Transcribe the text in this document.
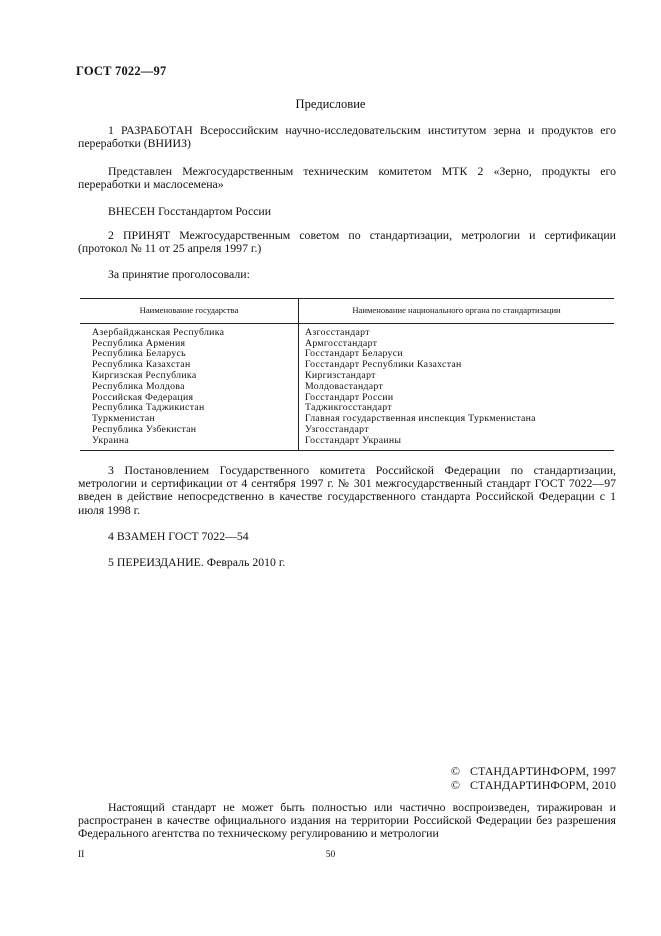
ГОСТ 7022—97
Предисловие
1 РАЗРАБОТАН Всероссийским научно-исследовательским институтом зерна и продуктов его переработки (ВНИИЗ)
Представлен Межгосударственным техническим комитетом МТК 2 «Зерно, продукты его переработки и маслосемена»
ВНЕСЕН Госстандартом России
2 ПРИНЯТ Межгосударственным советом по стандартизации, метрологии и сертификации (протокол № 11 от 25 апреля 1997 г.)
За принятие проголосовали:
Наименование государства	Наименование национального органа по стандартизации
Азербайджанская Республика	Азгосстандарт
Республика Армения	Армгосстандарт
Республика Беларусь	Госстандарт Беларуси
Республика Казахстан	Госстандарт Республики Казахстан
Киргизская Республика	Киргизстандарт
Республика Молдова	Молдовастандарт
Российская Федерация	Госстандарт России
Республика Таджикистан	Таджикгосстандарт
Туркменистан	Главная государственная инспекция Туркменистана
Республика Узбекистан	Узгосстандарт
Украина	Госстандарт Украины
3 Постановлением Государственного комитета Российской Федерации по стандартизации, метрологии и сертификации от 4 сентября 1997 г. № 301 межгосударственный стандарт ГОСТ 7022—97 введен в действие непосредственно в качестве государственного стандарта Российской Федерации с 1 июля 1998 г.
4 ВЗАМЕН ГОСТ 7022—54
5 ПЕРЕИЗДАНИЕ. Февраль 2010 г.
© СТАНДАРТИНФОРМ, 1997
© СТАНДАРТИНФОРМ, 2010
Настоящий стандарт не может быть полностью или частично воспроизведен, тиражирован и распространен в качестве официального издания на территории Российской Федерации без разрешения Федерального агентства по техническому регулированию и метрологии
II	50
